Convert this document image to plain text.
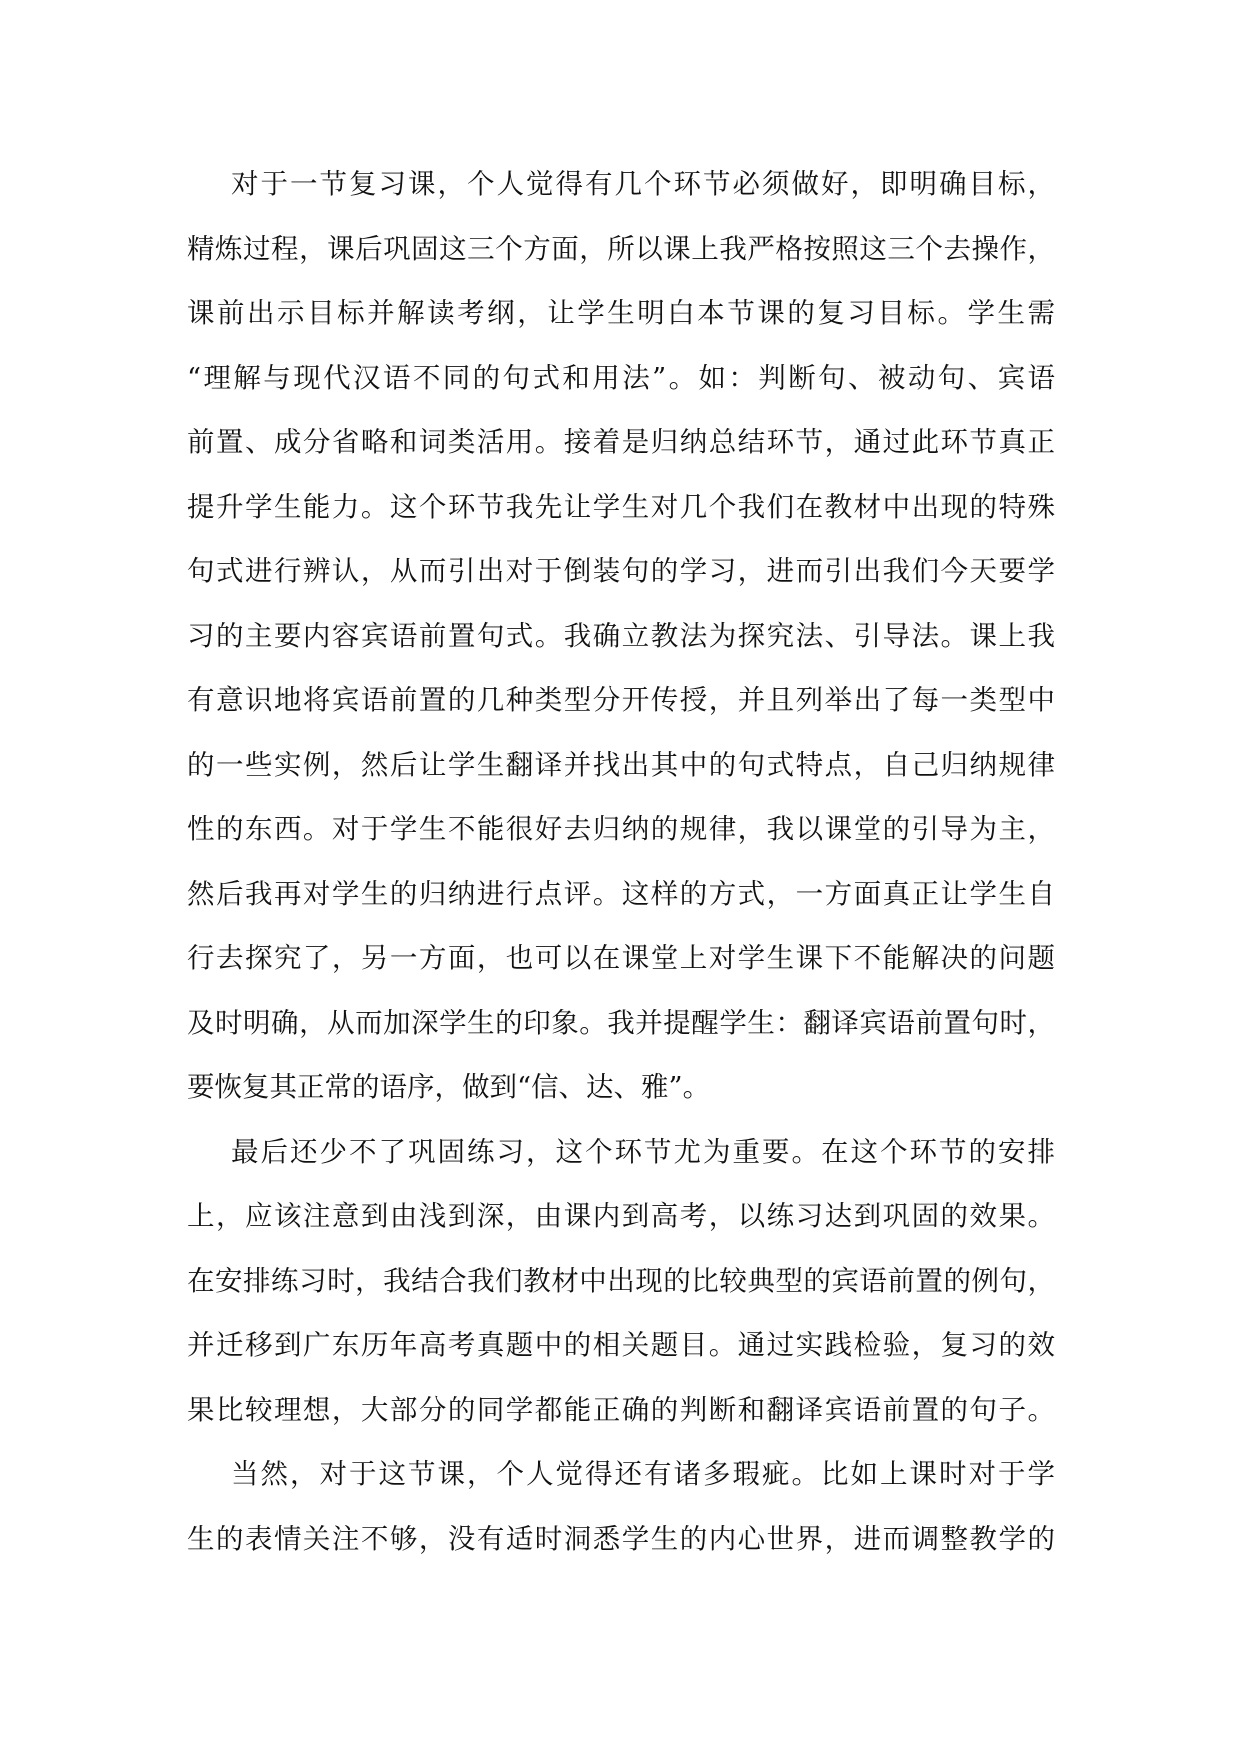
对于一节复习课，个人觉得有几个环节必须做好，即明确目标，
精炼过程，课后巩固这三个方面，所以课上我严格按照这三个去操作，
课前出示目标并解读考纲，让学生明白本节课的复习目标。学生需
“理解与现代汉语不同的句式和用法”。如：判断句、被动句、宾语
前置、成分省略和词类活用。接着是归纳总结环节，通过此环节真正
提升学生能力。这个环节我先让学生对几个我们在教材中出现的特殊
句式进行辨认，从而引出对于倒装句的学习，进而引出我们今天要学
习的主要内容宾语前置句式。我确立教法为探究法、引导法。课上我
有意识地将宾语前置的几种类型分开传授，并且列举出了每一类型中
的一些实例，然后让学生翻译并找出其中的句式特点，自己归纳规律
性的东西。对于学生不能很好去归纳的规律，我以课堂的引导为主，
然后我再对学生的归纳进行点评。这样的方式，一方面真正让学生自
行去探究了，另一方面，也可以在课堂上对学生课下不能解决的问题
及时明确，从而加深学生的印象。我并提醒学生：翻译宾语前置句时，
要恢复其正常的语序，做到“信、达、雅”。

最后还少不了巩固练习，这个环节尤为重要。在这个环节的安排
上，应该注意到由浅到深，由课内到高考，以练习达到巩固的效果。
在安排练习时，我结合我们教材中出现的比较典型的宾语前置的例句，
并迁移到广东历年高考真题中的相关题目。通过实践检验，复习的效
果比较理想，大部分的同学都能正确的判断和翻译宾语前置的句子。

当然，对于这节课，个人觉得还有诸多瑕疵。比如上课时对于学
生的表情关注不够，没有适时洞悉学生的内心世界，进而调整教学的
